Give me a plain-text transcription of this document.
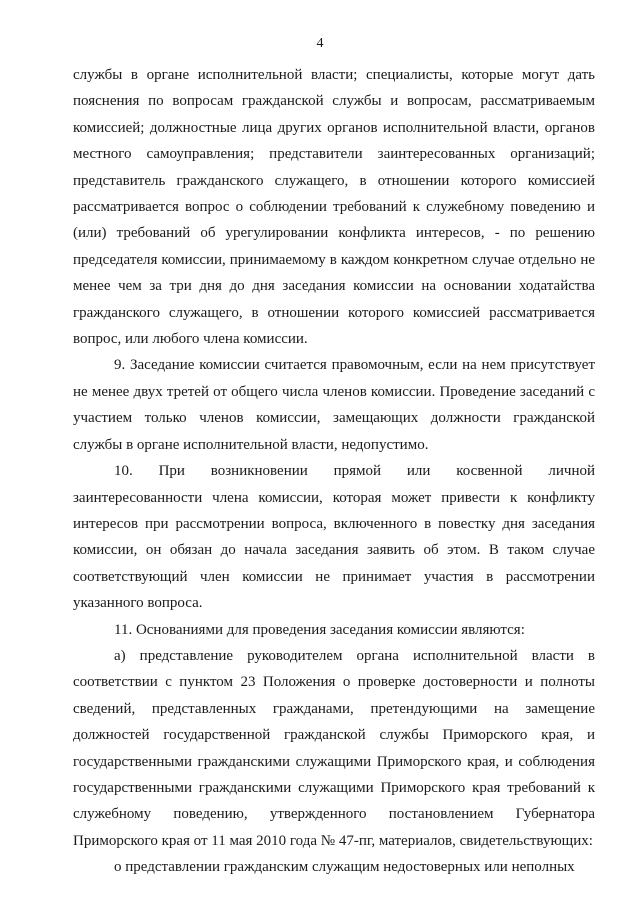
4

службы в органе исполнительной власти; специалисты, которые могут дать пояснения по вопросам гражданской службы и вопросам, рассматриваемым комиссией; должностные лица других органов исполнительной власти, органов местного самоуправления; представители заинтересованных организаций; представитель гражданского служащего, в отношении которого комиссией рассматривается вопрос о соблюдении требований к служебному поведению и (или) требований об урегулировании конфликта интересов, - по решению председателя комиссии, принимаемому в каждом конкретном случае отдельно не менее чем за три дня до дня заседания комиссии на основании ходатайства гражданского служащего, в отношении которого комиссией рассматривается вопрос, или любого члена комиссии.

9. Заседание комиссии считается правомочным, если на нем присутствует не менее двух третей от общего числа членов комиссии. Проведение заседаний с участием только членов комиссии, замещающих должности гражданской службы в органе исполнительной власти, недопустимо.

10. При возникновении прямой или косвенной личной заинтересованности члена комиссии, которая может привести к конфликту интересов при рассмотрении вопроса, включенного в повестку дня заседания комиссии, он обязан до начала заседания заявить об этом. В таком случае соответствующий член комиссии не принимает участия в рассмотрении указанного вопроса.

11. Основаниями для проведения заседания комиссии являются:

а) представление руководителем органа исполнительной власти в соответствии с пунктом 23 Положения о проверке достоверности и полноты сведений, представленных гражданами, претендующими на замещение должностей государственной гражданской службы Приморского края, и государственными гражданскими служащими Приморского края, и соблюдения государственными гражданскими служащими Приморского края требований к служебному поведению, утвержденного постановлением Губернатора Приморского края от 11 мая 2010 года № 47-пг, материалов, свидетельствующих:

о представлении гражданским служащим недостоверных или неполных
